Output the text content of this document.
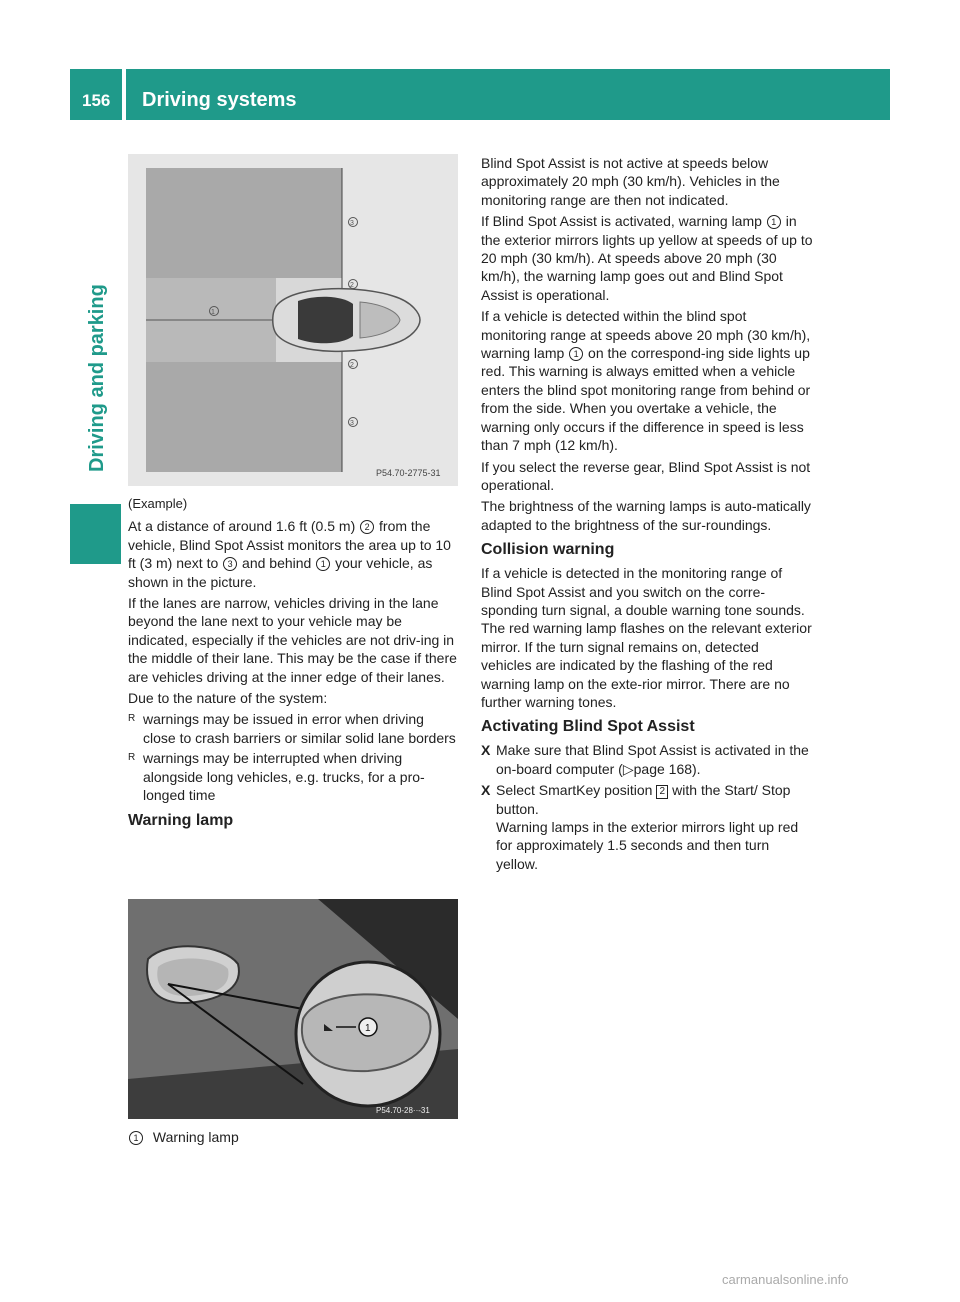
156 Driving systems
Driving and parking
3
2
1
2
3
P54.70-2775-31

(Example)

At a distance of around 1.6 ft (0.5 m) 2 from the vehicle, Blind Spot Assist monitors the area up to 10 ft (3 m) next to 3 and behind 1 your vehicle, as shown in the picture.

If the lanes are narrow, vehicles driving in the lane beyond the lane next to your vehicle may be indicated, especially if the vehicles are not driv-ing in the middle of their lane. This may be the case if there are vehicles driving at the inner edge of their lanes.

Due to the nature of the system:

R warnings may be issued in error when driving close to crash barriers or similar solid lane borders
R warnings may be interrupted when driving alongside long vehicles, e.g. trucks, for a pro-longed time
Warning lamp
1
P54.70-28··-31
1 Warning lamp

Blind Spot Assist is not active at speeds below approximately 20 mph (30 km/h). Vehicles in the monitoring range are then not indicated.

If Blind Spot Assist is activated, warning lamp 1 in the exterior mirrors lights up yellow at speeds of up to 20 mph (30 km/h). At speeds above 20 mph (30 km/h), the warning lamp goes out and Blind Spot Assist is operational.

If a vehicle is detected within the blind spot monitoring range at speeds above 20 mph (30 km/h), warning lamp 1 on the correspond-ing side lights up red. This warning is always emitted when a vehicle enters the blind spot monitoring range from behind or from the side. When you overtake a vehicle, the warning only occurs if the difference in speed is less than 7 mph (12 km/h).

If you select the reverse gear, Blind Spot Assist is not operational.

The brightness of the warning lamps is auto-matically adapted to the brightness of the sur-roundings.

Collision warning

If a vehicle is detected in the monitoring range of Blind Spot Assist and you switch on the corre-sponding turn signal, a double warning tone sounds. The red warning lamp flashes on the relevant exterior mirror. If the turn signal remains on, detected vehicles are indicated by the flashing of the red warning lamp on the exte-rior mirror. There are no further warning tones.

Activating Blind Spot Assist
X Make sure that Blind Spot Assist is activated in the on-board computer (▷page 168).
X Select SmartKey position 2 with the Start/ Stop button.
Warning lamps in the exterior mirrors light up red for approximately 1.5 seconds and then turn yellow.
carmanualsonline.info
